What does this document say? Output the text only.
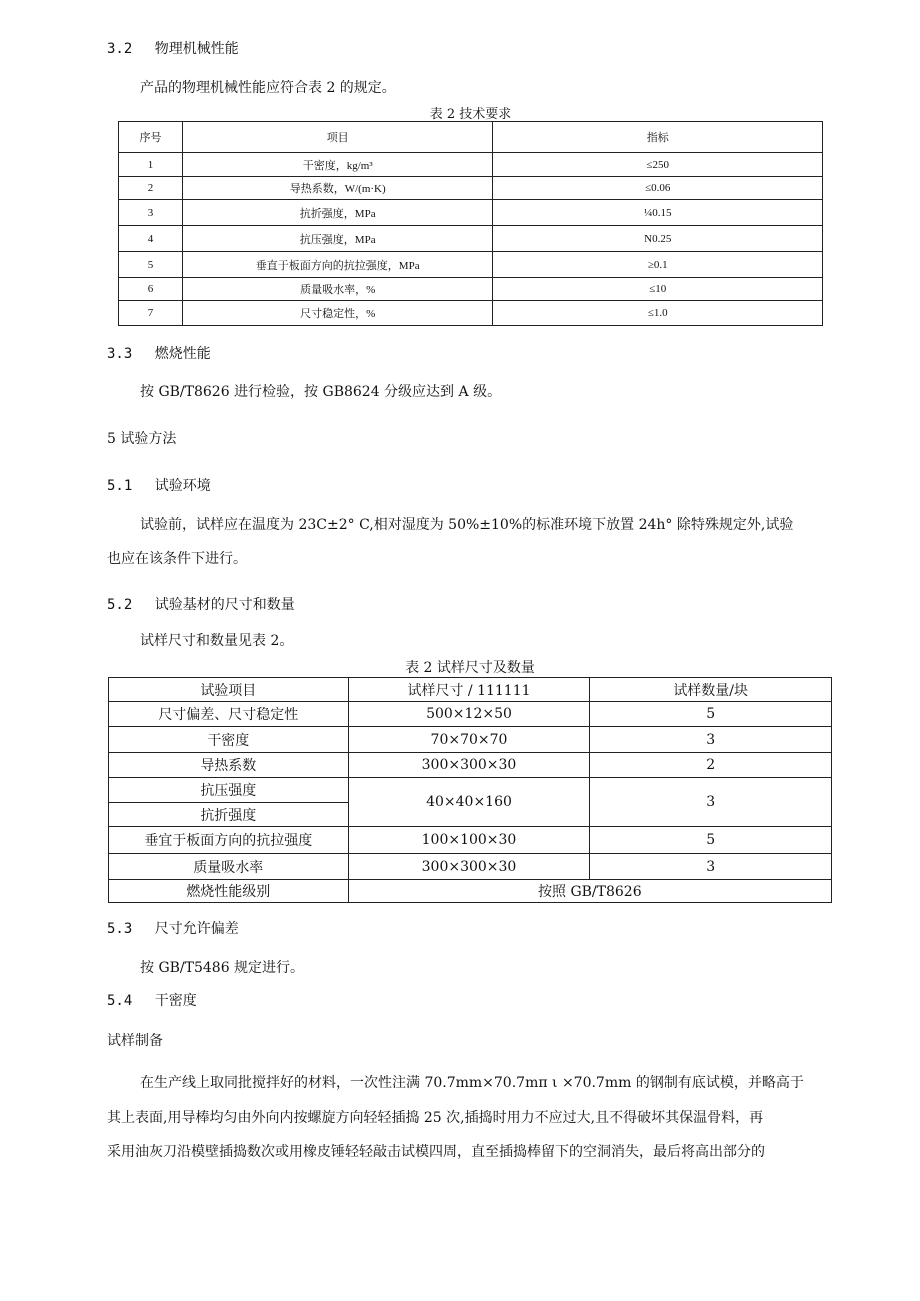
3.2 物理机械性能
产品的物理机械性能应符合表 2 的规定。
表 2 技术要求
序号	项目	指标
1	干密度，kg/m³	≤250
2	导热系数，W/(m·K)	≤0.06
3	抗折强度，MPa	¼0.15
4	抗压强度，MPa	N0.25
5	垂直于板面方向的抗拉强度，MPa	≥0.1
6	质量吸水率，%	≤10
7	尺寸稳定性，%	≤1.0
3.3 燃烧性能
按 GB/T8626 进行检验，按 GB8624 分级应达到 A 级。
5 试验方法
5.1 试验环境
试验前，试样应在温度为 23C±2° C,相对湿度为 50%±10%的标准环境下放置 24h° 除特殊规定外,试验
也应在该条件下进行。
5.2 试验基材的尺寸和数量
试样尺寸和数量见表 2。
表 2 试样尺寸及数量
试验项目	试样尺寸 / 111111	试样数量/块
尺寸偏差、尺寸稳定性	500×12×50	5
干密度	70×70×70	3
导热系数	300×300×30	2
抗压强度	40×40×160	3
抗折强度		
垂宜于板面方向的抗拉强度	100×100×30	5
质量吸水率	300×300×30	3
燃烧性能级别	按照 GB/T8626	
5.3 尺寸允许偏差
按 GB/T5486 规定进行。
5.4 干密度
试样制备
在生产线上取同批搅拌好的材料，一次性注满 70.7mm×70.7mπ ι ×70.7mm 的钢制有底试模，并略高于
其上表面,用导棒均匀由外向内按螺旋方向轻轻插捣 25 次,插捣时用力不应过大,且不得破坏其保温骨料，再
采用油灰刀沿模壁插捣数次或用橡皮锤轻轻敲击试模四周，直至插捣棒留下的空洞消失，最后将高出部分的
